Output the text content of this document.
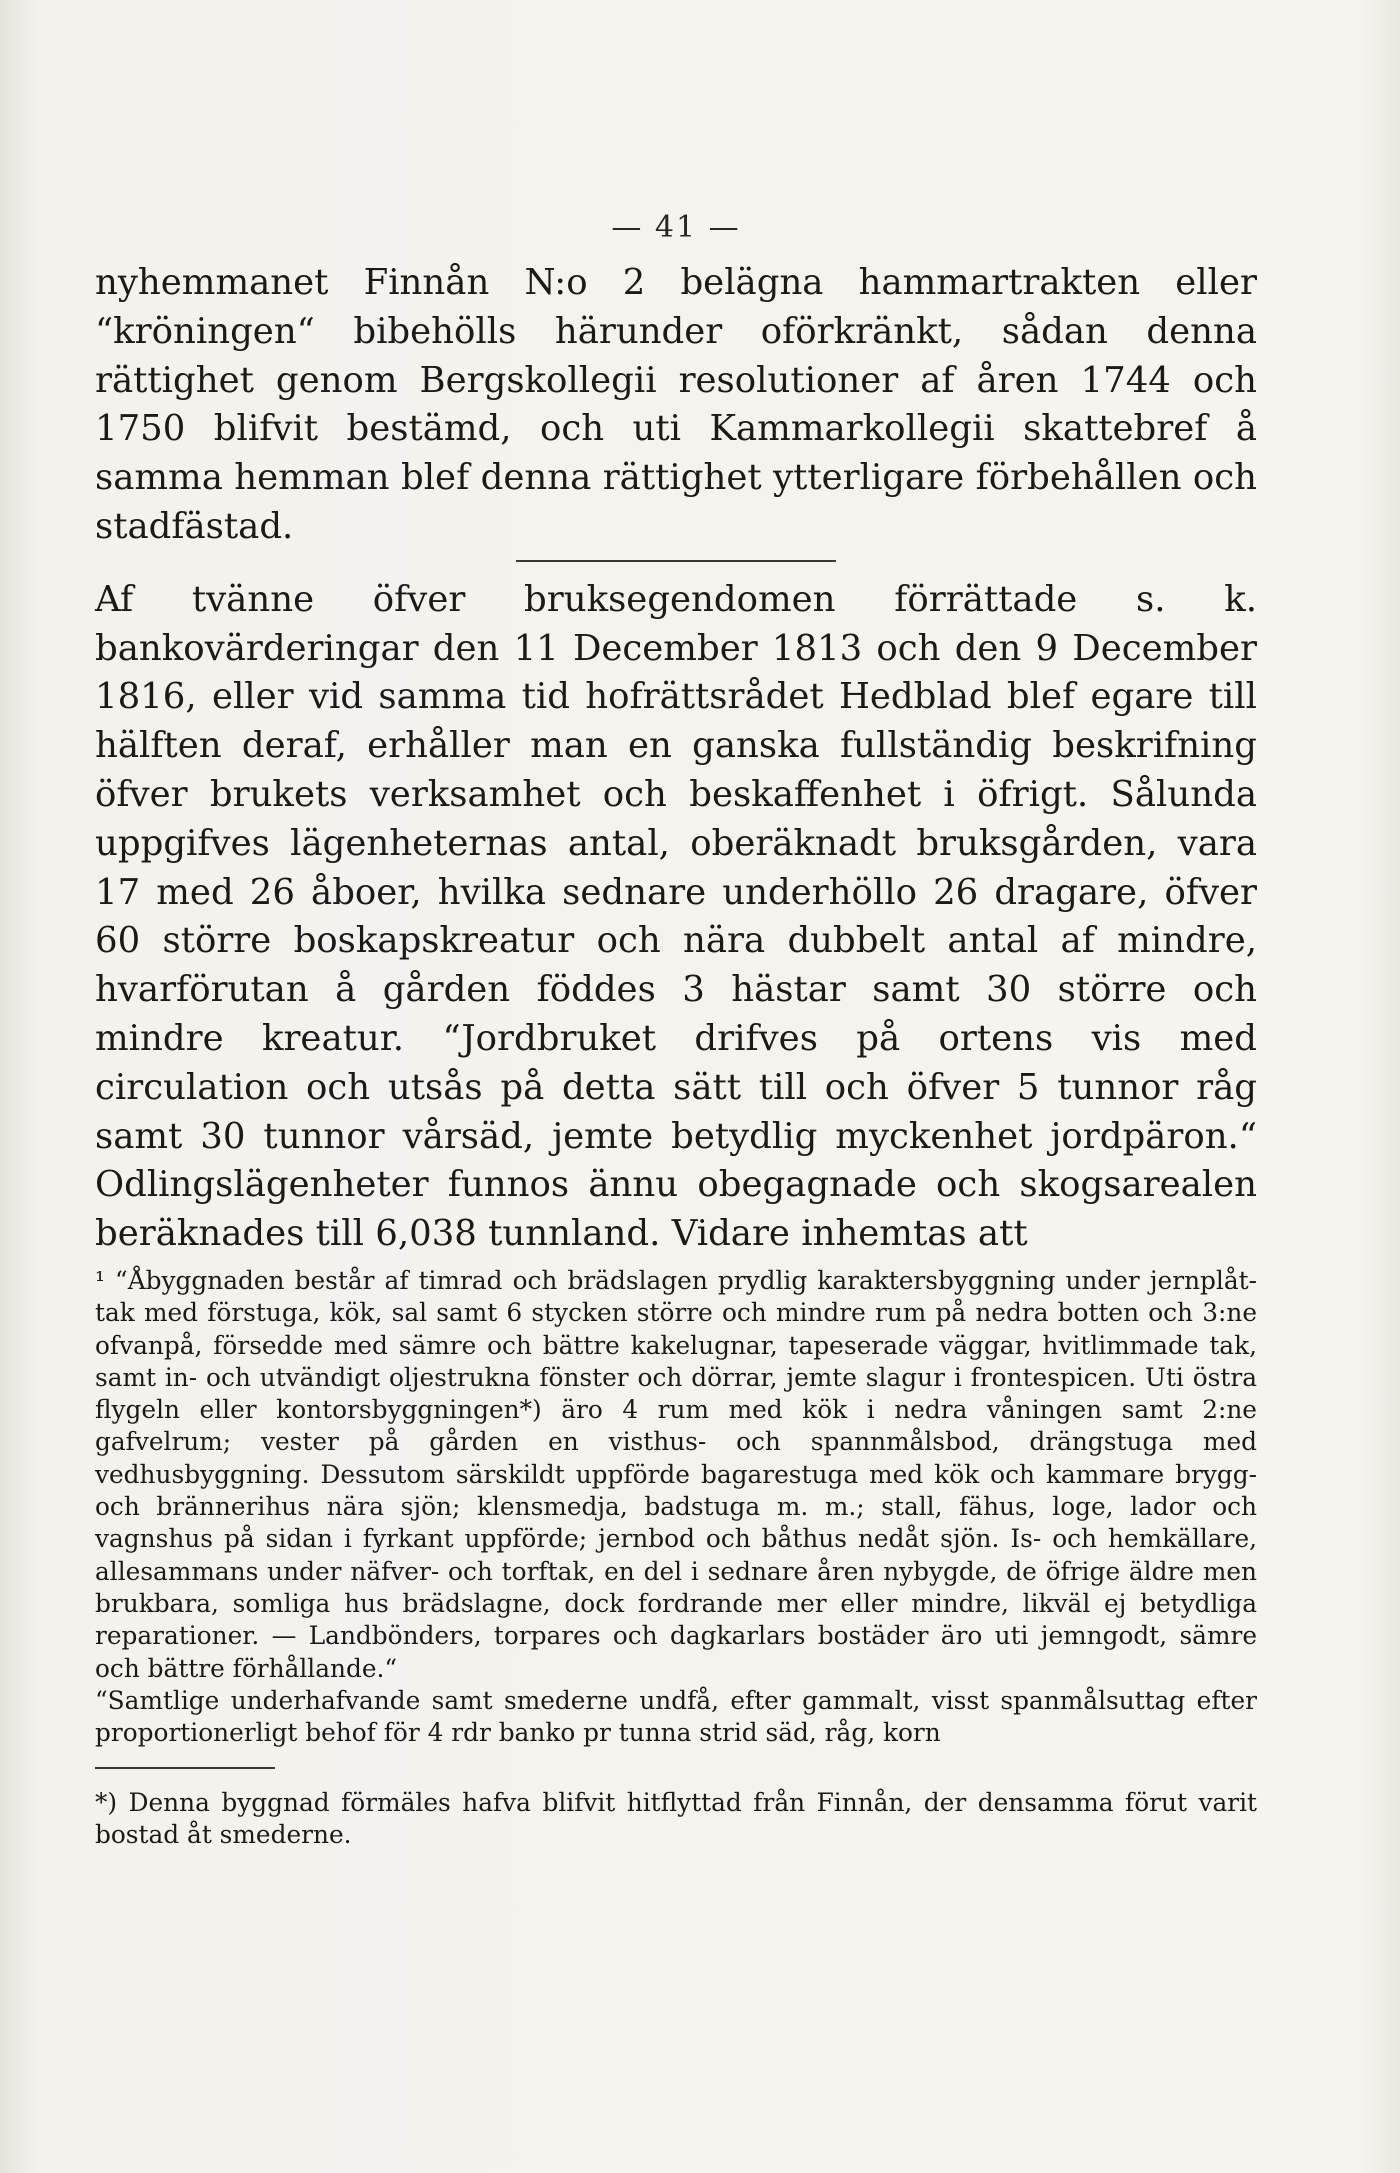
— 41 —

nyhemmanet Finnån N:o 2 belägna hammartrakten eller “kröningen“ bibehölls härunder oförkränkt, sådan denna rättighet genom Bergskollegii resolutioner af åren 1744 och 1750 blifvit bestämd, och uti Kammarkollegii skattebref å samma hemman blef denna rättighet ytterligare förbehållen och stadfästad.

Af tvänne öfver bruksegendomen förrättade s. k. bankovärderingar den 11 December 1813 och den 9 December 1816, eller vid samma tid hofrättsrådet Hedblad blef egare till hälften deraf, erhåller man en ganska fullständig beskrifning öfver brukets verksamhet och beskaffenhet i öfrigt. Sålunda uppgifves lägenheternas antal, oberäknadt bruksgården, vara 17 med 26 åboer, hvilka sednare underhöllo 26 dragare, öfver 60 större boskapskreatur och nära dubbelt antal af mindre, hvarförutan å gården föddes 3 hästar samt 30 större och mindre kreatur. “Jordbruket drifves på ortens vis med circulation och utsås på detta sätt till och öfver 5 tunnor råg samt 30 tunnor vårsäd, jemte betydlig myckenhet jordpäron.“ Odlingslägenheter funnos ännu obegagnade och skogsarealen beräknades till 6,038 tunnland. Vidare inhemtas att

¹ “Åbyggnaden består af timrad och brädslagen prydlig karaktersbyggning under jernplåt-tak med förstuga, kök, sal samt 6 stycken större och mindre rum på nedra botten och 3:ne ofvanpå, försedde med sämre och bättre kakelugnar, tapeserade väggar, hvitlimmade tak, samt in- och utvändigt oljestrukna fönster och dörrar, jemte slagur i frontespicen. Uti östra flygeln eller kontorsbyggningen*) äro 4 rum med kök i nedra våningen samt 2:ne gafvelrum; vester på gården en visthus- och spannmålsbod, drängstuga med vedhusbyggning. Dessutom särskildt uppförde bagarestuga med kök och kammare brygg- och brännerihus nära sjön; klensmedja, badstuga m. m.; stall, fähus, loge, lador och vagnshus på sidan i fyrkant uppförde; jernbod och båthus nedåt sjön. Is- och hemkällare, allesammans under näfver- och torftak, en del i sednare åren nybygde, de öfrige äldre men brukbara, somliga hus brädslagne, dock fordrande mer eller mindre, likväl ej betydliga reparationer. — Landbönders, torpares och dagkarlars bostäder äro uti jemngodt, sämre och bättre förhållande.“

“Samtlige underhafvande samt smederne undfå, efter gammalt, visst spanmålsuttag efter proportionerligt behof för 4 rdr banko pr tunna strid säd, råg, korn

*) Denna byggnad förmäles hafva blifvit hitflyttad från Finnån, der densamma förut varit bostad åt smederne.
